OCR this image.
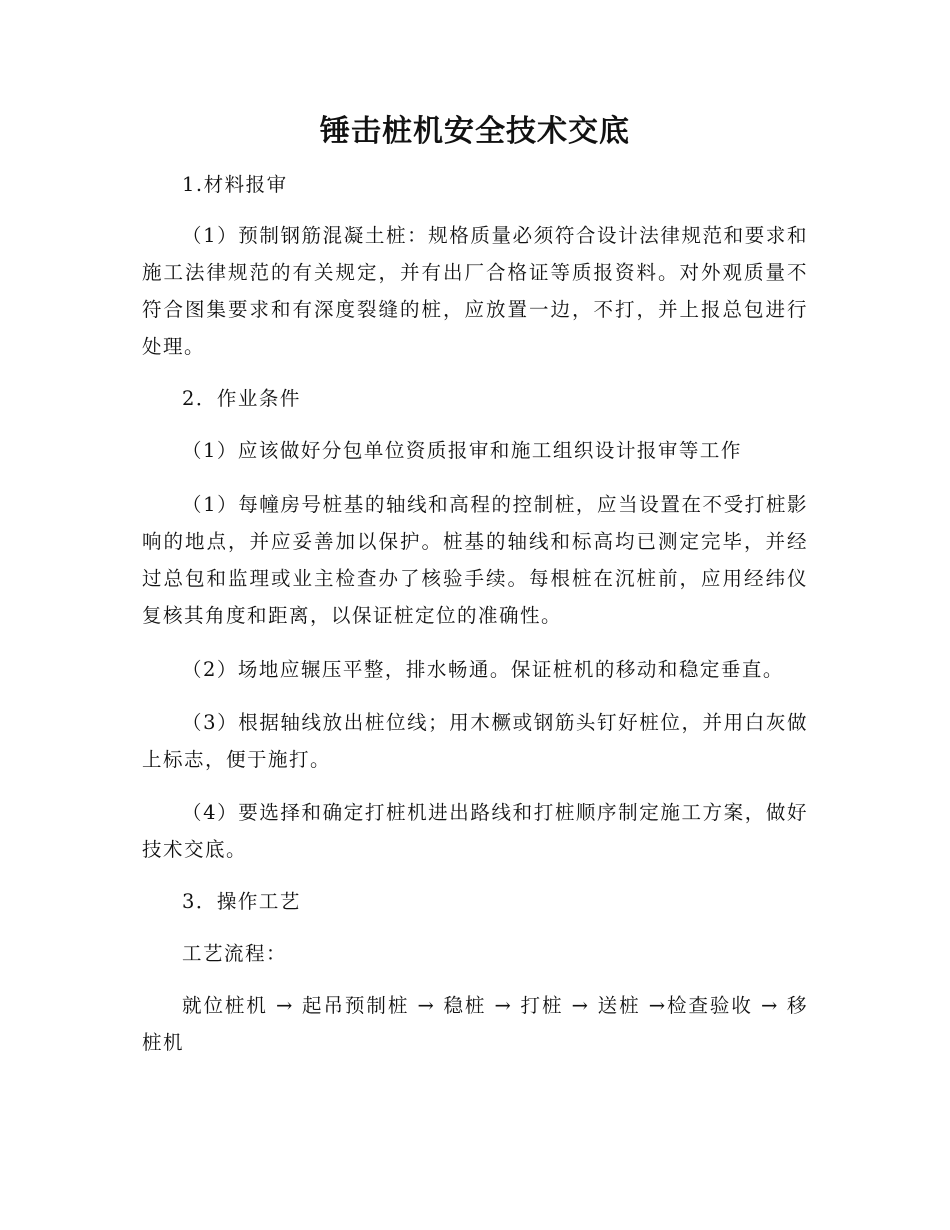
锤击桩机安全技术交底

1.材料报审

（1）预制钢筋混凝土桩：规格质量必须符合设计法律规范和要求和施工法律规范的有关规定，并有出厂合格证等质报资料。对外观质量不符合图集要求和有深度裂缝的桩，应放置一边，不打，并上报总包进行处理。

2．作业条件

（1）应该做好分包单位资质报审和施工组织设计报审等工作

（1）每幢房号桩基的轴线和高程的控制桩，应当设置在不受打桩影响的地点，并应妥善加以保护。桩基的轴线和标高均已测定完毕，并经过总包和监理或业主检查办了核验手续。每根桩在沉桩前，应用经纬仪复核其角度和距离，以保证桩定位的准确性。

（2）场地应辗压平整，排水畅通。保证桩机的移动和稳定垂直。

（3）根据轴线放出桩位线；用木橛或钢筋头钉好桩位，并用白灰做上标志，便于施打。

（4）要选择和确定打桩机进出路线和打桩顺序制定施工方案，做好技术交底。

3．操作工艺

工艺流程：

就位桩机 → 起吊预制桩 → 稳桩 → 打桩 → 送桩 →检查验收 → 移桩机
